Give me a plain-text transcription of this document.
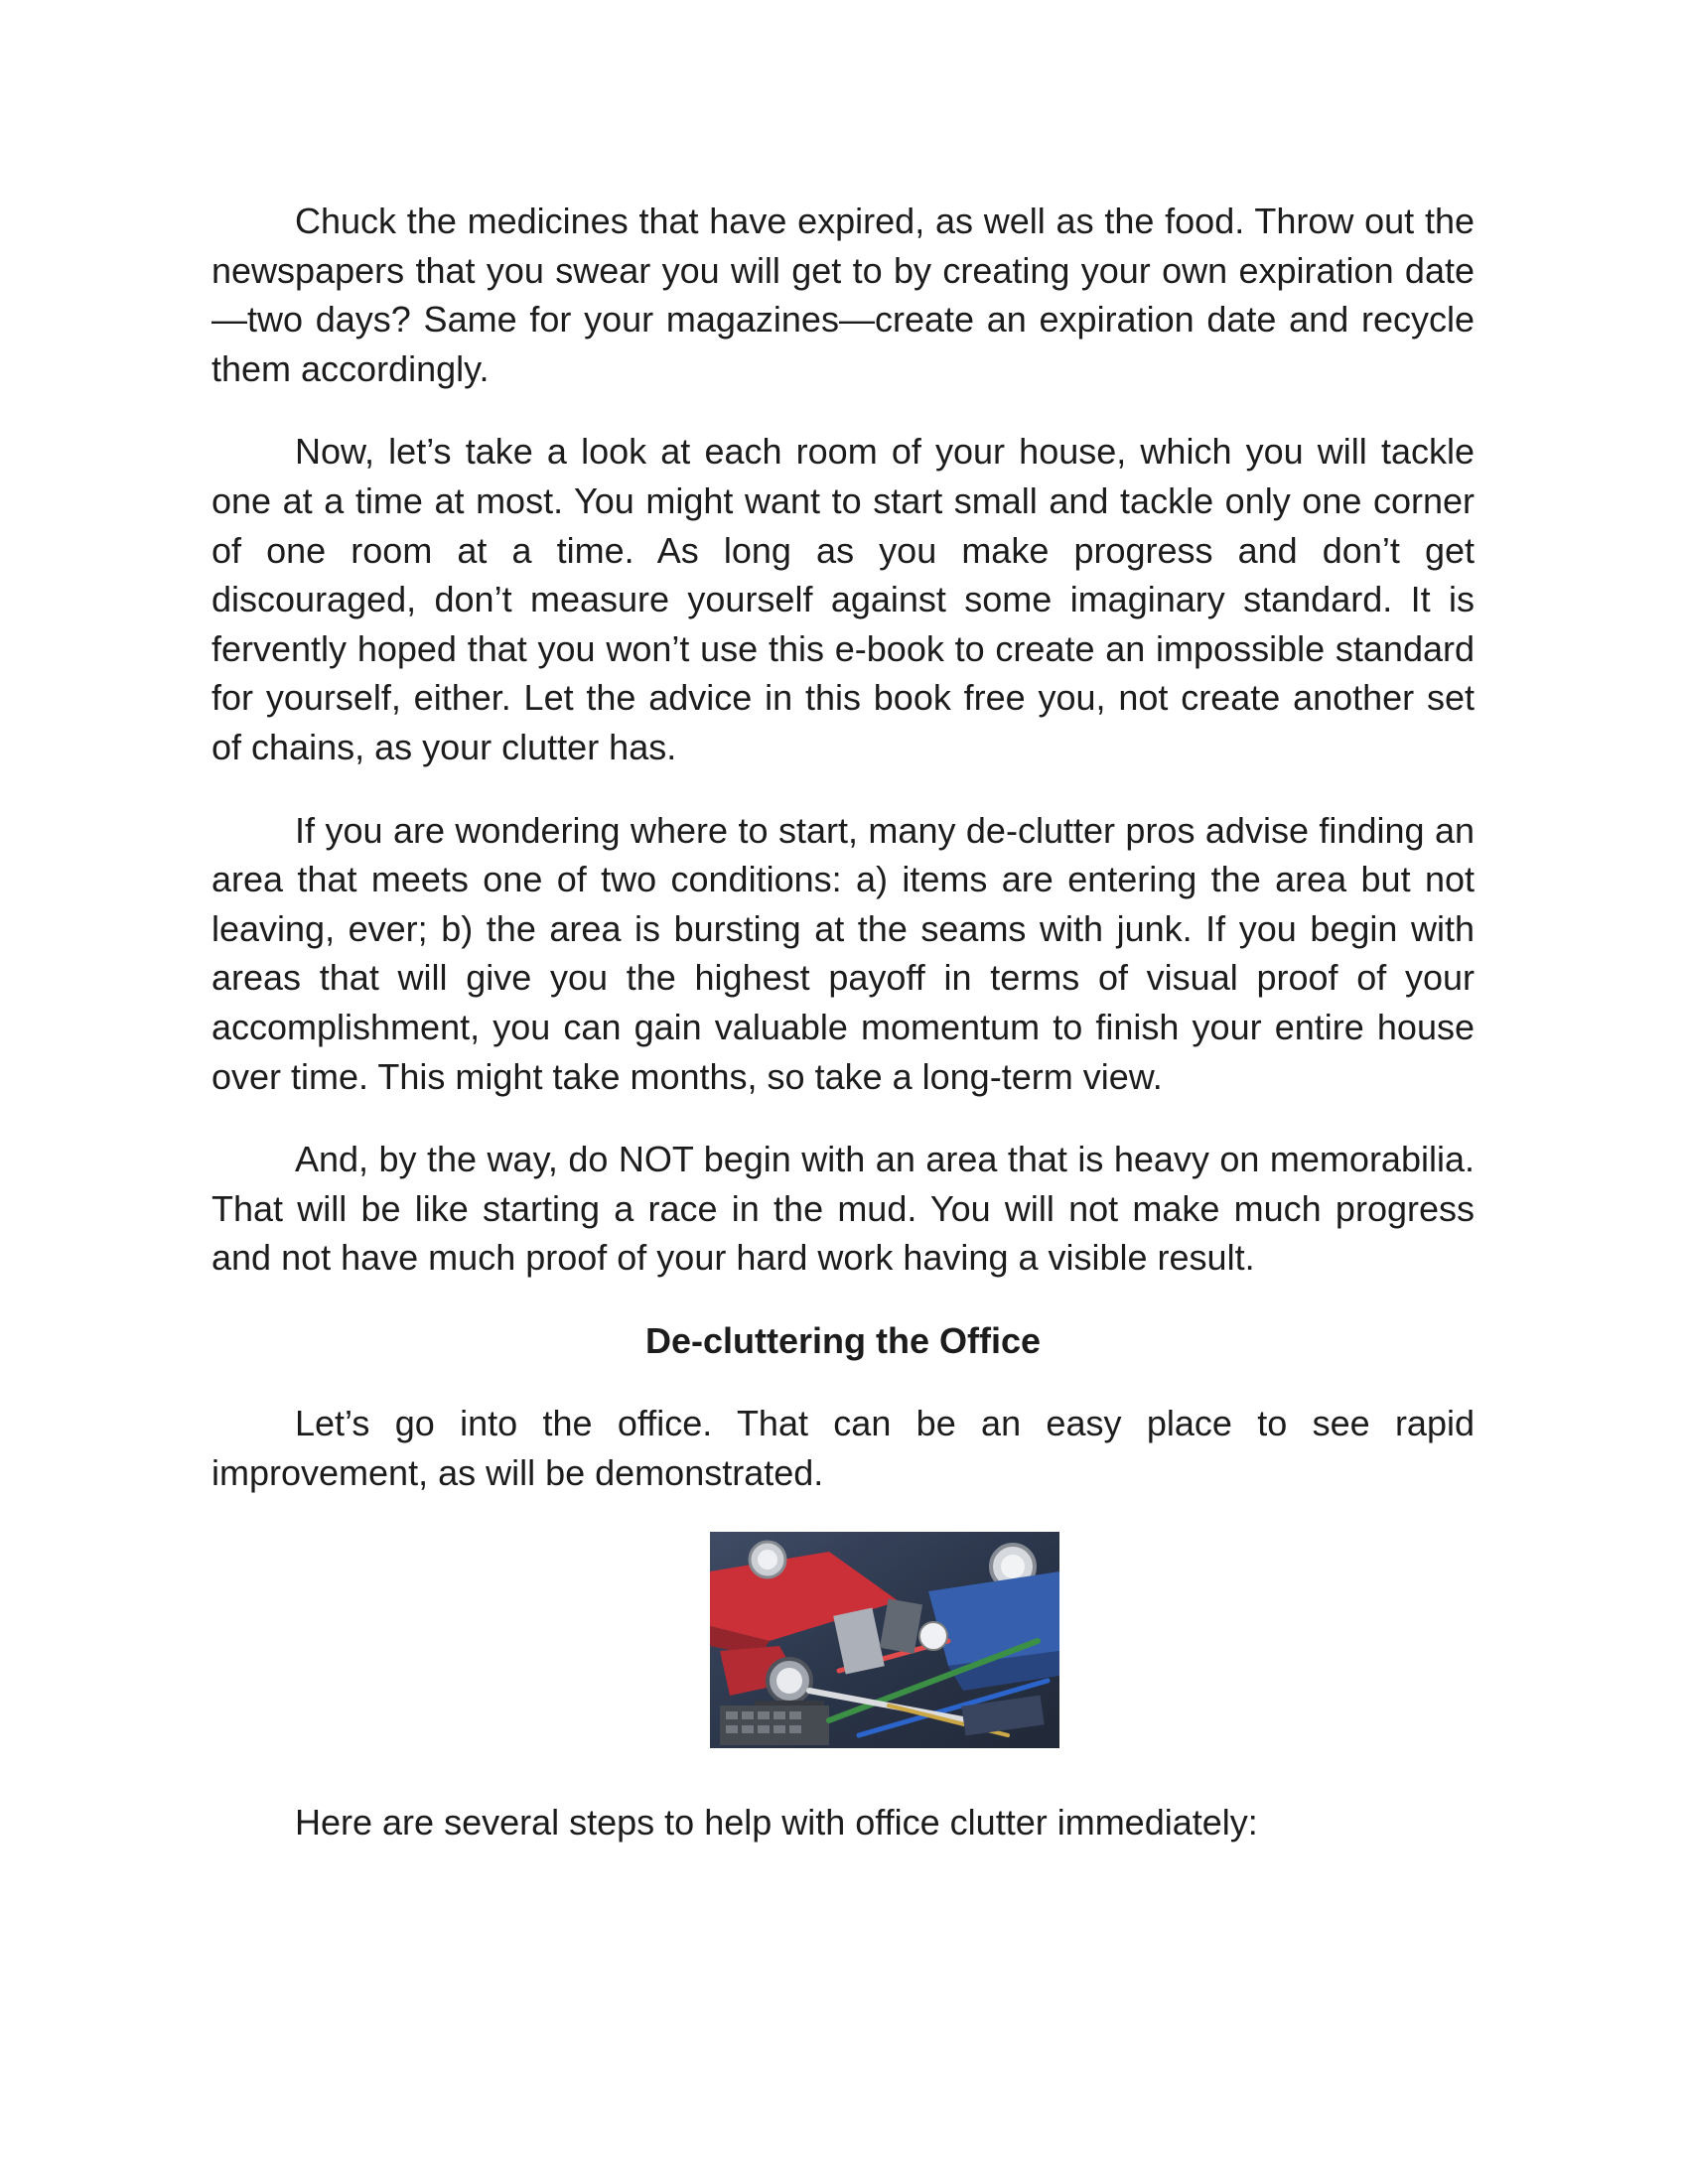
Chuck the medicines that have expired, as well as the food. Throw out the newspapers that you swear you will get to by creating your own expiration date—two days? Same for your magazines—create an expiration date and recycle them accordingly.

Now, let’s take a look at each room of your house, which you will tackle one at a time at most. You might want to start small and tackle only one corner of one room at a time. As long as you make progress and don’t get discouraged, don’t measure yourself against some imaginary standard. It is fervently hoped that you won’t use this e-book to create an impossible standard for yourself, either. Let the advice in this book free you, not create another set of chains, as your clutter has.

If you are wondering where to start, many de-clutter pros advise finding an area that meets one of two conditions: a) items are entering the area but not leaving, ever; b) the area is bursting at the seams with junk. If you begin with areas that will give you the highest payoff in terms of visual proof of your accomplishment, you can gain valuable momentum to finish your entire house over time. This might take months, so take a long-term view.

And, by the way, do NOT begin with an area that is heavy on memorabilia. That will be like starting a race in the mud. You will not make much progress and not have much proof of your hard work having a visible result.

De-cluttering the Office

Let’s go into the office. That can be an easy place to see rapid improvement, as will be demonstrated.

Here are several steps to help with office clutter immediately:
